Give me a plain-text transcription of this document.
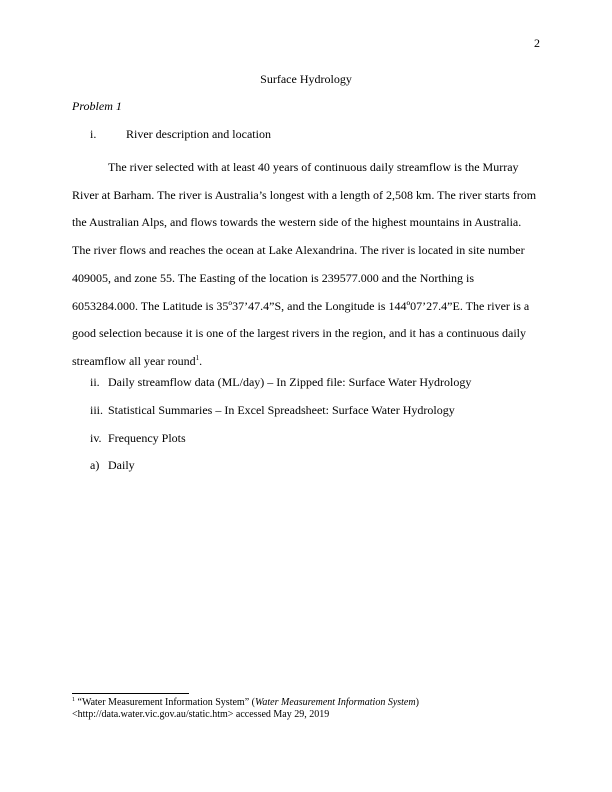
2
Surface Hydrology
Problem 1
i. River description and location
The river selected with at least 40 years of continuous daily streamflow is the Murray
River at Barham. The river is Australia’s longest with a length of 2,508 km. The river starts from
the Australian Alps, and flows towards the western side of the highest mountains in Australia.
The river flows and reaches the ocean at Lake Alexandrina. The river is located in site number
409005, and zone 55. The Easting of the location is 239577.000 and the Northing is
6053284.000. The Latitude is 35º37’47.4”S, and the Longitude is 144º07’27.4”E. The river is a
good selection because it is one of the largest rivers in the region, and it has a continuous daily
streamflow all year round$^1$.
ii. Daily streamflow data (ML/day) – In Zipped file: Surface Water Hydrology
iii. Statistical Summaries – In Excel Spreadsheet: Surface Water Hydrology
iv. Frequency Plots
a) Daily
$^1$ “Water Measurement Information System” (Water Measurement Information System)
<http://data.water.vic.gov.au/static.htm> accessed May 29, 2019
